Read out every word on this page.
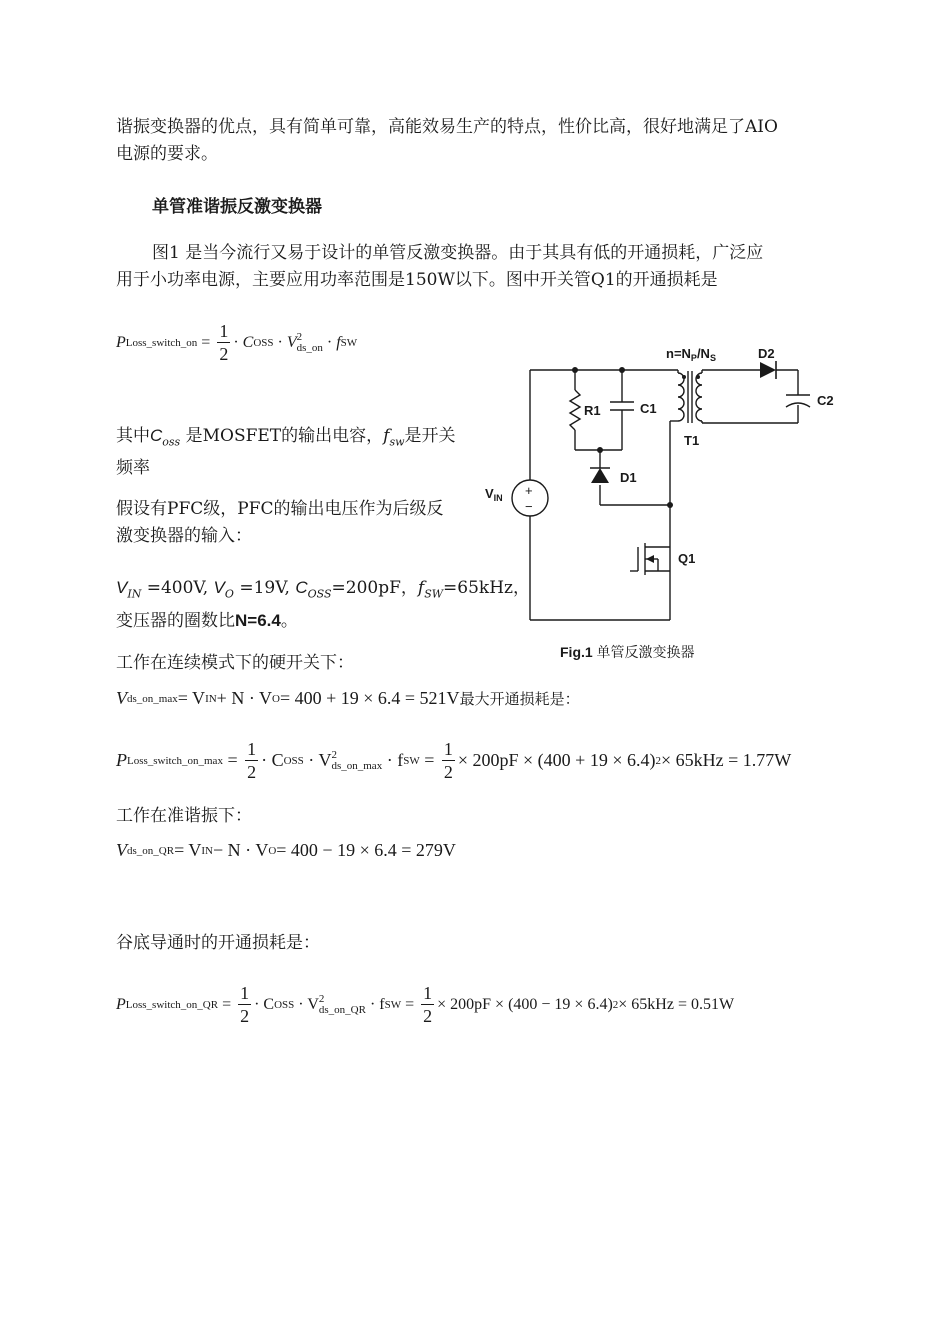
谐振变换器的优点，具有简单可靠，高能效易生产的特点，性价比高，很好地满足了AIO
电源的要求。
单管准谐振反激变换器
图1 是当今流行又易于设计的单管反激变换器。由于其具有低的开通损耗，广泛应
用于小功率电源，主要应用功率范围是150W以下。图中开关管Q1的开通损耗是
P Loss_switch_on = $\frac{1}{2} \cdot C$ OSS · V 2
ds_on · f SW
其中$C_{oss}$ 是MOSFET的输出电容，$f_{sw}$是开关
频率
假设有PFC级，PFC的输出电压作为后级反
激变换器的输入：
$V_{IN} =400V$, $V_O =19V$, $C_{OSS}=200pF$，$f_{SW}=65kHz$，
变压器的圈数比N=6.4。
$n=N_P/N_S$	D2
C2
R1	C1
T1
D1
$V_{IN}$ +
−
Q1
Fig.1 单管反激变换器
工作在连续模式下的硬开关下：
V ds_on_max = V IN + N · V O = 400 + 19 × 6.4 = 521V 最大开通损耗是：
P Loss_switch_on_max = $\frac{1}{2} \cdot C$ OSS
· V 2
ds_on_max
· f SW = $\frac{1}{2} \times 200pF \times (400 + 19 \times 6.4) 2 \times 65kHz = 1.77W$
工作在准谐振下：
V ds_on_QR = V IN − N · V O = 400 − 19 × 6.4 = 279V
谷底导通时的开通损耗是：
P Loss_switch_on_QR = $\frac{1}{2} \cdot C$ OSS
· V 2
ds_on_QR
· f SW = $\frac{1}{2} \times 200pF \times (400 - 19 \times 6.4) 2 \times 65kHz = 0.51W$
